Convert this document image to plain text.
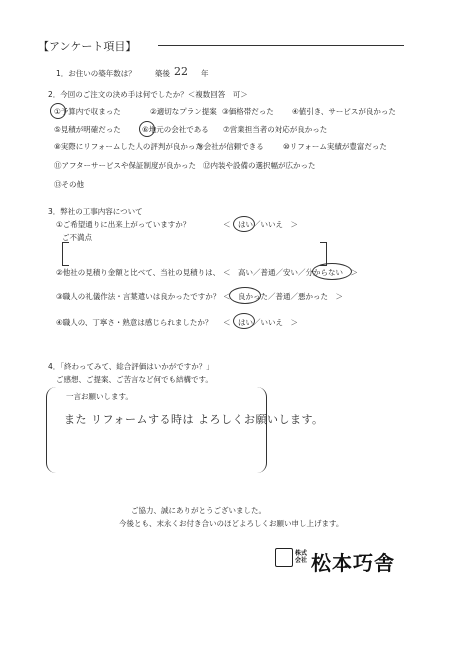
【アンケート項目】
1．お住いの築年数は？	築後 22 年
2．今回のご注文の決め手は何でしたか？＜複数回答　可＞
①予算内で収まった	②適切なプラン提案 ③価格帯だった ④値引き、サービスが良かった
⑤見積が明確だった	⑥地元の会社である ⑦営業担当者の対応が良かった
⑧実際にリフォームした人の評判が良かった
⑨会社が信頼できる	⑩リフォーム実績が豊富だった
⑪アフターサービスや保証制度が良かった ⑫内装や設備の選択幅が広かった
⑬その他
3．弊社の工事内容について
①ご希望通りに出来上がっていますか？	＜　はい／いいえ　＞
ご不満点
②他社の見積り金額と比べて、当社の見積りは、 ＜　高い／普通／安い／分からない　＞
③職人の礼儀作法・言葉遣いは良かったですか？ ＜　良かった／普通／悪かった　＞
④職人の、丁寧さ・熟意は感じられましたか？ ＜　はい／いいえ　＞
4．「終わってみて、総合評価はいかがですか？」
ご感想、ご提案、ご苦言など何でも結構です。
一言お願いします。
また リフォームする時は よろしくお願いします。
ご協力、誠にありがとうございました。
今後とも、末永くお付き合いのほどよろしくお願い申し上げます。
株式会社 松本巧舎
